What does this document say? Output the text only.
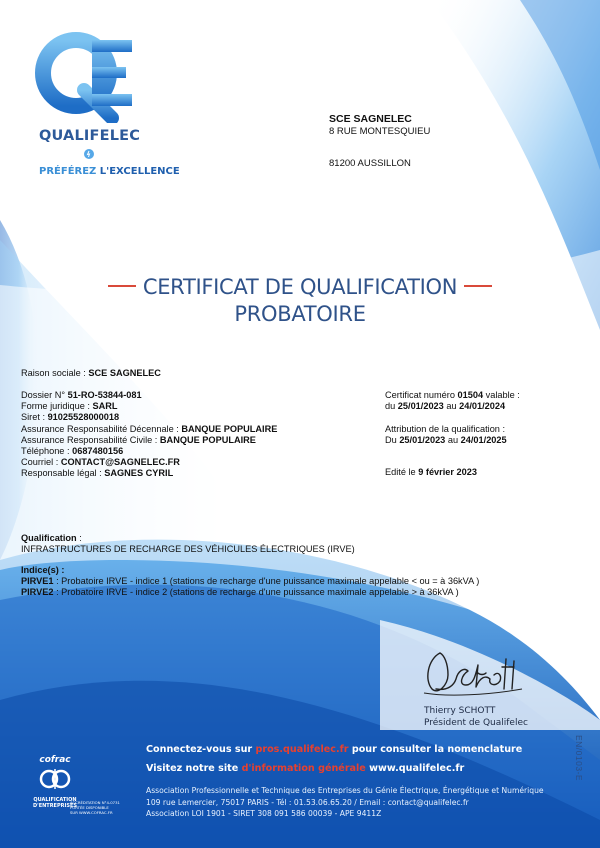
QUALIFELEC
PRÉFÉREZ L'EXCELLENCE
SCE SAGNELEC
8 RUE MONTESQUIEU
81200 AUSSILLON
CERTIFICAT DE QUALIFICATION
PROBATOIRE
Raison sociale : SCE SAGNELEC
Dossier N° 51-RO-53844-081
Forme juridique : SARL
Siret : 91025528000018
Assurance Responsabilité Décennale : BANQUE POPULAIRE
Assurance Responsabilité Civile : BANQUE POPULAIRE
Téléphone : 0687480156
Courriel : CONTACT@SAGNELEC.FR
Responsable légal : SAGNES CYRIL
Certificat numéro 01504 valable :
du 25/01/2023 au 24/01/2024
Attribution de la qualification :
Du 25/01/2023 au 24/01/2025
Edité le 9 février 2023
Qualification :
INFRASTRUCTURES DE RECHARGE DES VÉHICULES ÉLECTRIQUES (IRVE)
Indice(s) :
PIRVE1 : Probatoire IRVE - indice 1 (stations de recharge d'une puissance maximale appelable < ou = à 36kVA )
PIRVE2 : Probatoire IRVE - indice 2 (stations de recharge d'une puissance maximale appelable > à 36kVA )
Thierry SCHOTT
Président de Qualifelec
Connectez-vous sur pros.qualifelec.fr pour consulter la nomenclature
Visitez notre site d'information générale www.qualifelec.fr
Association Professionnelle et Technique des Entreprises du Génie Électrique, Énergétique et Numérique
109 rue Lemercier, 75017 PARIS - Tél : 01.53.06.65.20 / Email : contact@qualifelec.fr
Association LOI 1901 - SIRET 308 091 586 00039 - APE 9411Z
cofrac
QUALIFICATION
D'ENTREPRISES
ACCRÉDITATION N°4-0731
PORTÉE DISPONIBLE
SUR WWW.COFRAC.FR
EN/0103-E
